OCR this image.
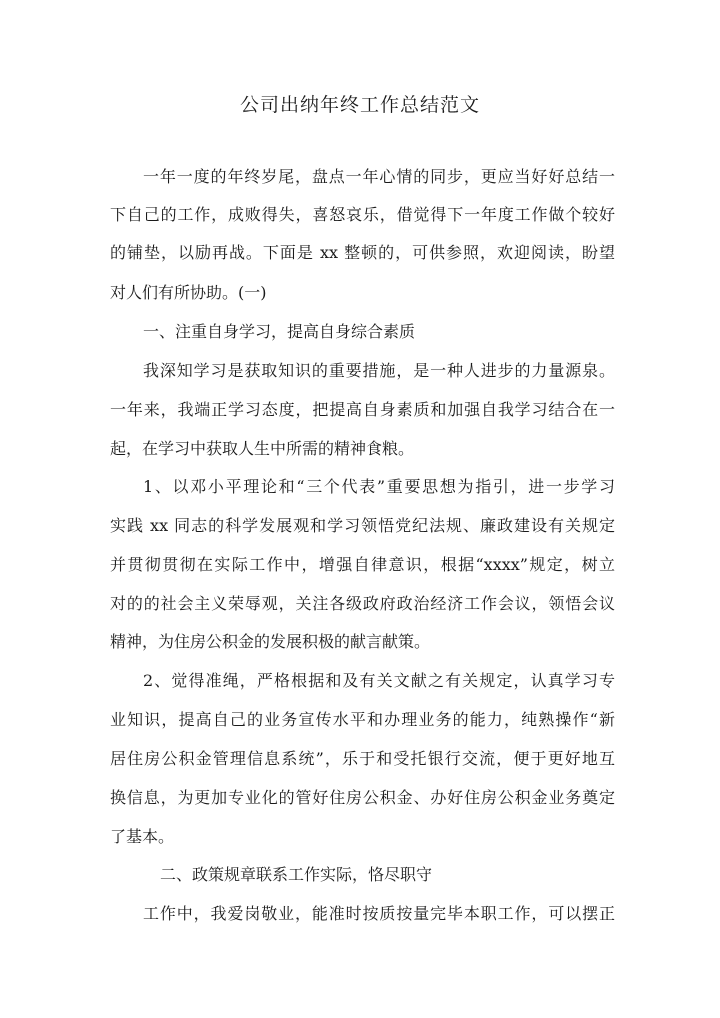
公司出纳年终工作总结范文
一年一度的年终岁尾，盘点一年心情的同步，更应当好好总结一
下自己的工作，成败得失，喜怒哀乐，借觉得下一年度工作做个较好
的铺垫，以励再战。下面是 xx 整顿的，可供参照，欢迎阅读，盼望
对人们有所协助。(一)
一、注重自身学习，提高自身综合素质
我深知学习是获取知识的重要措施，是一种人进步的力量源泉。
一年来，我端正学习态度，把提高自身素质和加强自我学习结合在一
起，在学习中获取人生中所需的精神食粮。
1、以邓小平理论和“三个代表”重要思想为指引，进一步学习
实践 xx 同志的科学发展观和学习领悟党纪法规、廉政建设有关规定
并贯彻贯彻在实际工作中，增强自律意识，根据“xxxx”规定，树立
对的的社会主义荣辱观，关注各级政府政治经济工作会议，领悟会议
精神，为住房公积金的发展积极的献言献策。
2、觉得准绳，严格根据和及有关文献之有关规定，认真学习专
业知识，提高自己的业务宣传水平和办理业务的能力，纯熟操作“新
居住房公积金管理信息系统”，乐于和受托银行交流，便于更好地互
换信息，为更加专业化的管好住房公积金、办好住房公积金业务奠定
了基本。
二、政策规章联系工作实际，恪尽职守
工作中，我爱岗敬业，能准时按质按量完毕本职工作，可以摆正
